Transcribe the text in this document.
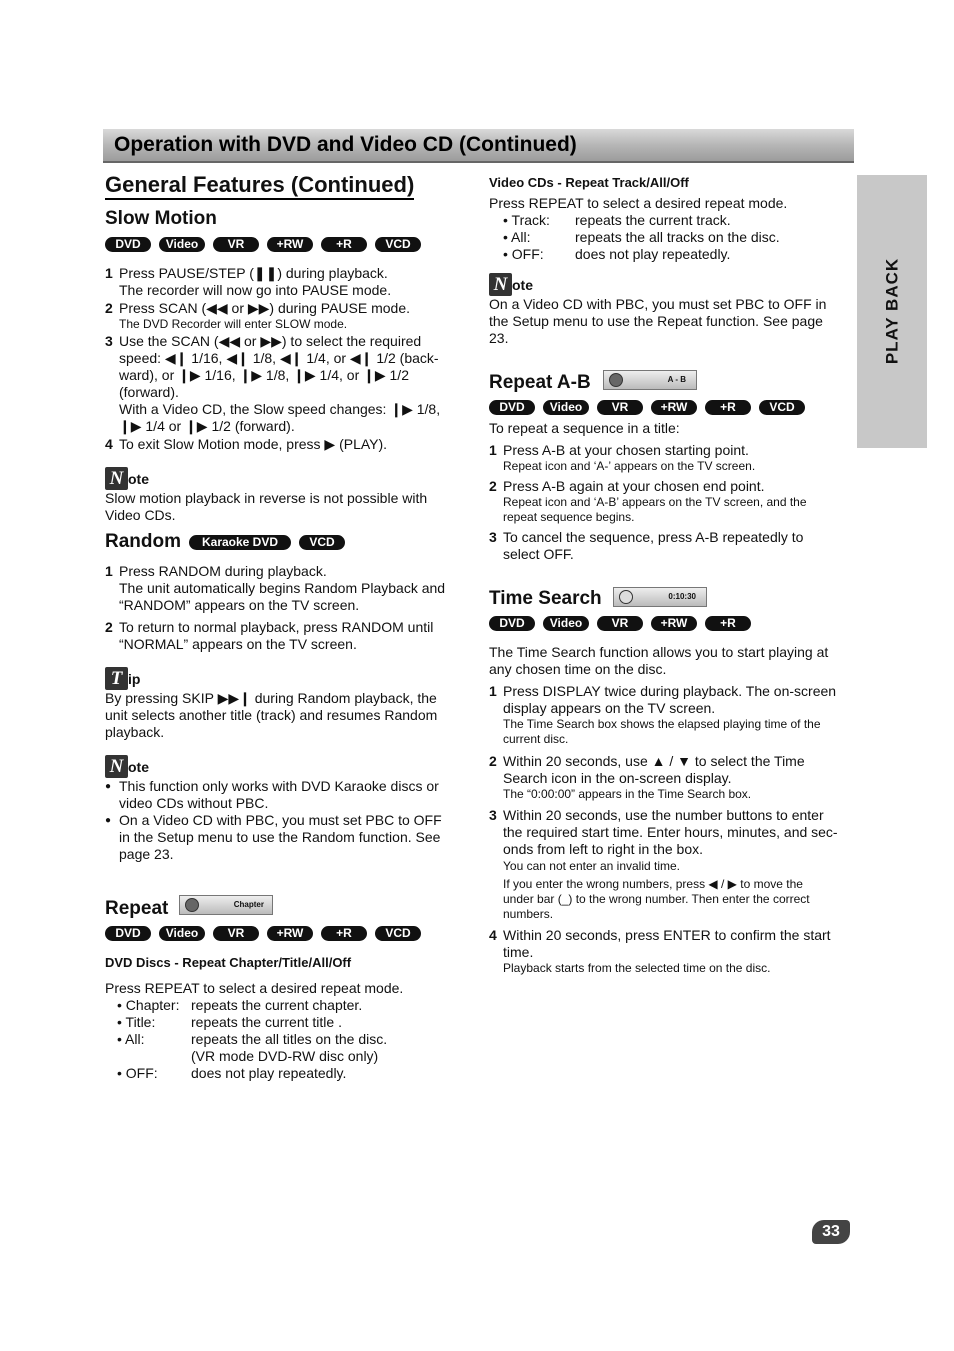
Operation with DVD and Video CD (Continued)
PLAY BACK
General Features (Continued)
Slow Motion
DVD	Video	VR	+RW	+R	VCD
1 Press PAUSE/STEP (❚❚) during playback.
The recorder will now go into PAUSE mode.
2 Press SCAN (◀◀ or ▶▶) during PAUSE mode.
The DVD Recorder will enter SLOW mode.
3 Use the SCAN (◀◀ or ▶▶) to select the required
speed: ◀❙ 1/16, ◀❙ 1/8, ◀❙ 1/4, or ◀❙ 1/2 (back-
ward), or ❙▶ 1/16, ❙▶ 1/8, ❙▶ 1/4, or ❙▶ 1/2 (forward).
With a Video CD, the Slow speed changes: ❙▶ 1/8,
❙▶ 1/4 or ❙▶ 1/2 (forward).
4 To exit Slow Motion mode, press ▶ (PLAY).
N ote
Slow motion playback in reverse is not possible with
Video CDs.
Random	Karaoke DVD	VCD
1 Press RANDOM during playback.
The unit automatically begins Random Playback and
“RANDOM” appears on the TV screen.
2 To return to normal playback, press RANDOM until
“NORMAL” appears on the TV screen.
T ip
By pressing SKIP ▶▶❙ during Random playback, the
unit selects another title (track) and resumes Random
playback.
N ote
● This function only works with DVD Karaoke discs or
video CDs without PBC.
● On a Video CD with PBC, you must set PBC to OFF
in the Setup menu to use the Random function. See
page 23.
Repeat	Chapter
DVD	Video	VR	+RW	+R	VCD
DVD Discs - Repeat Chapter/Title/All/Off
Press REPEAT to select a desired repeat mode.
• Chapter: repeats the current chapter.
• Title:	repeats the current title .
• All:	repeats the all titles on the disc.
(VR mode DVD-RW disc only)
• OFF:	does not play repeatedly.
Video CDs - Repeat Track/All/Off
Press REPEAT to select a desired repeat mode.
• Track:	repeats the current track.
• All:	repeats the all tracks on the disc.
• OFF:	does not play repeatedly.
N ote
On a Video CD with PBC, you must set PBC to OFF in
the Setup menu to use the Repeat function. See page
23.
Repeat A-B	A - B
DVD	Video	VR	+RW	+R	VCD
To repeat a sequence in a title:
1 Press A-B at your chosen starting point.
Repeat icon and ‘A-’ appears on the TV screen.
2 Press A-B again at your chosen end point.
Repeat icon and ‘A-B’ appears on the TV screen, and the
repeat sequence begins.
3 To cancel the sequence, press A-B repeatedly to
select OFF.
Time Search	0:10:30
DVD	Video	VR	+RW	+R
The Time Search function allows you to start playing at
any chosen time on the disc.
1 Press DISPLAY twice during playback. The on-screen
display appears on the TV screen.
The Time Search box shows the elapsed playing time of the
current disc.
2 Within 20 seconds, use ▲ / ▼ to select the Time
Search icon in the on-screen display.
The “0:00:00” appears in the Time Search box.
3 Within 20 seconds, use the number buttons to enter
the required start time. Enter hours, minutes, and sec-
onds from left to right in the box.
You can not enter an invalid time.
If you enter the wrong numbers, press ◀ / ▶ to move the
under bar (_) to the wrong number. Then enter the correct
numbers.
4 Within 20 seconds, press ENTER to confirm the start
time.
Playback starts from the selected time on the disc.
33
